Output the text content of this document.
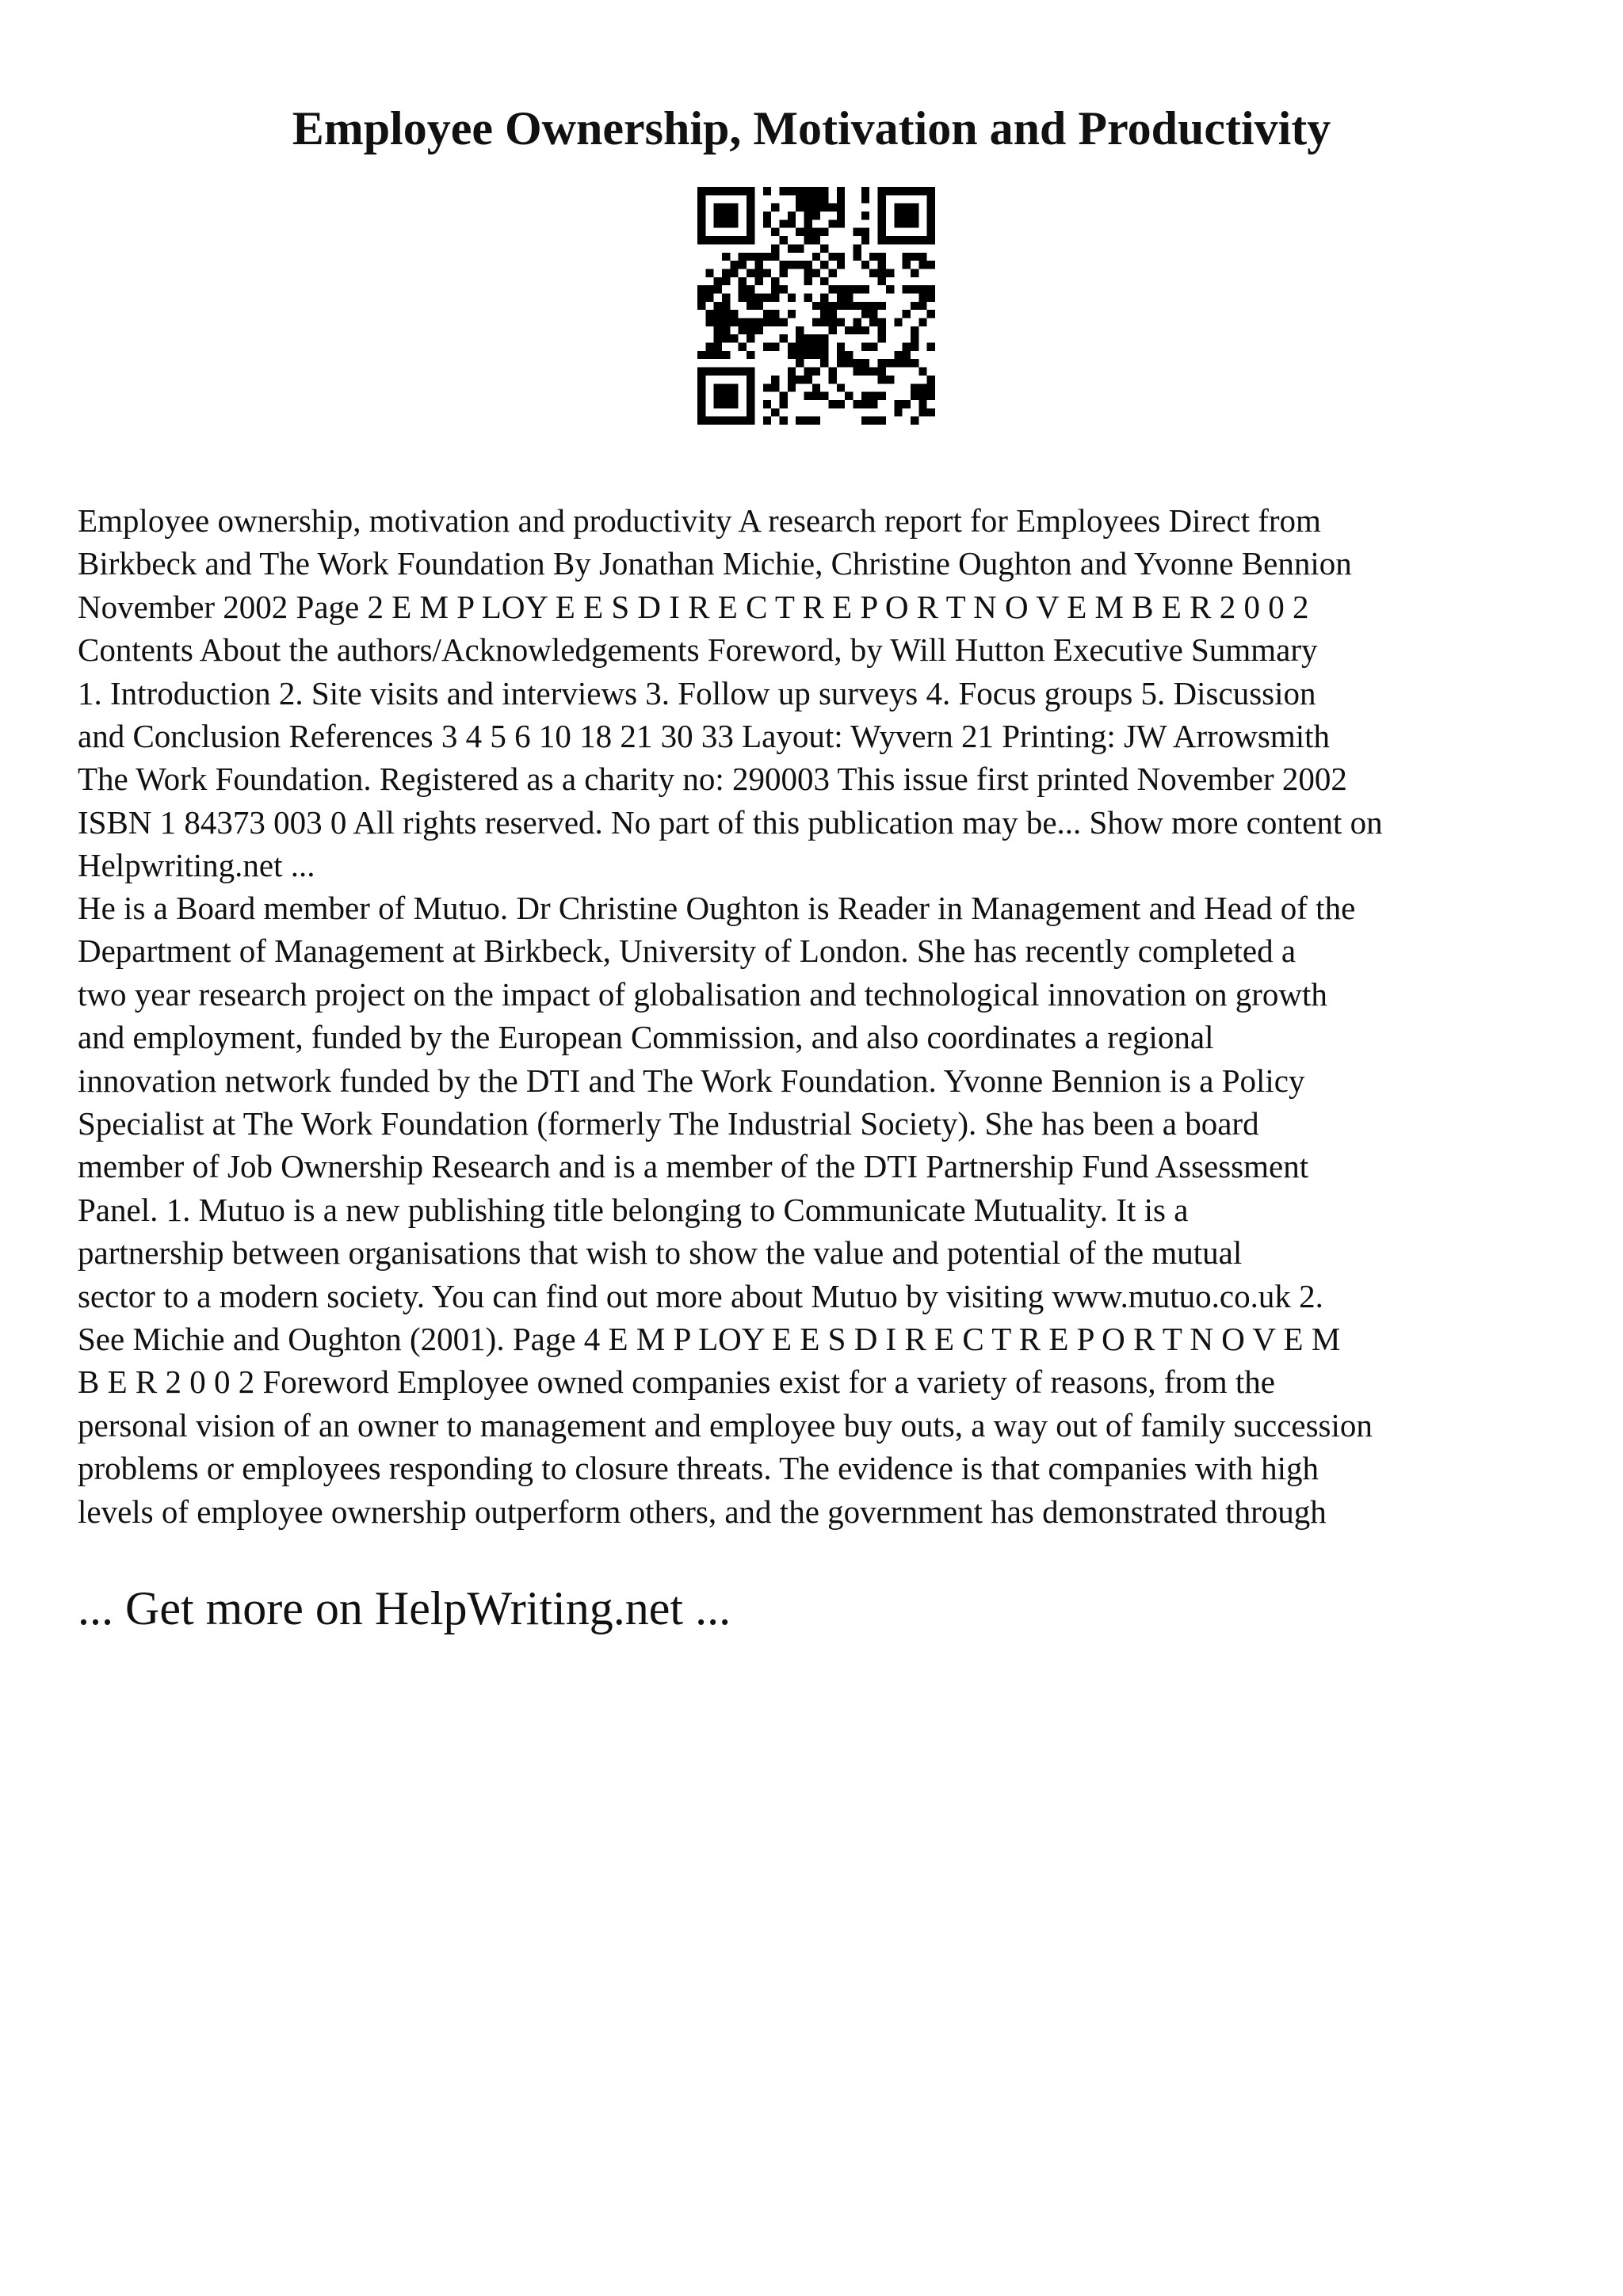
Employee Ownership, Motivation and Productivity

Employee ownership, motivation and productivity A research report for Employees Direct from
Birkbeck and The Work Foundation By Jonathan Michie, Christine Oughton and Yvonne Bennion
November 2002 Page 2 E M P LOY E E S D I R E C T R E P O R T N O V E M B E R 2 0 0 2
Contents About the authors/Acknowledgements Foreword, by Will Hutton Executive Summary
1. Introduction 2. Site visits and interviews 3. Follow up surveys 4. Focus groups 5. Discussion
and Conclusion References 3 4 5 6 10 18 21 30 33 Layout: Wyvern 21 Printing: JW Arrowsmith
The Work Foundation. Registered as a charity no: 290003 This issue first printed November 2002
ISBN 1 84373 003 0 All rights reserved. No part of this publication may be... Show more content on
Helpwriting.net ...

He is a Board member of Mutuo. Dr Christine Oughton is Reader in Management and Head of the
Department of Management at Birkbeck, University of London. She has recently completed a
two year research project on the impact of globalisation and technological innovation on growth
and employment, funded by the European Commission, and also coordinates a regional
innovation network funded by the DTI and The Work Foundation. Yvonne Bennion is a Policy
Specialist at The Work Foundation (formerly The Industrial Society). She has been a board
member of Job Ownership Research and is a member of the DTI Partnership Fund Assessment
Panel. 1. Mutuo is a new publishing title belonging to Communicate Mutuality. It is a
partnership between organisations that wish to show the value and potential of the mutual
sector to a modern society. You can find out more about Mutuo by visiting www.mutuo.co.uk 2.
See Michie and Oughton (2001). Page 4 E M P LOY E E S D I R E C T R E P O R T N O V E M
B E R 2 0 0 2 Foreword Employee owned companies exist for a variety of reasons, from the
personal vision of an owner to management and employee buy outs, a way out of family succession
problems or employees responding to closure threats. The evidence is that companies with high
levels of employee ownership outperform others, and the government has demonstrated through

... Get more on HelpWriting.net ...
